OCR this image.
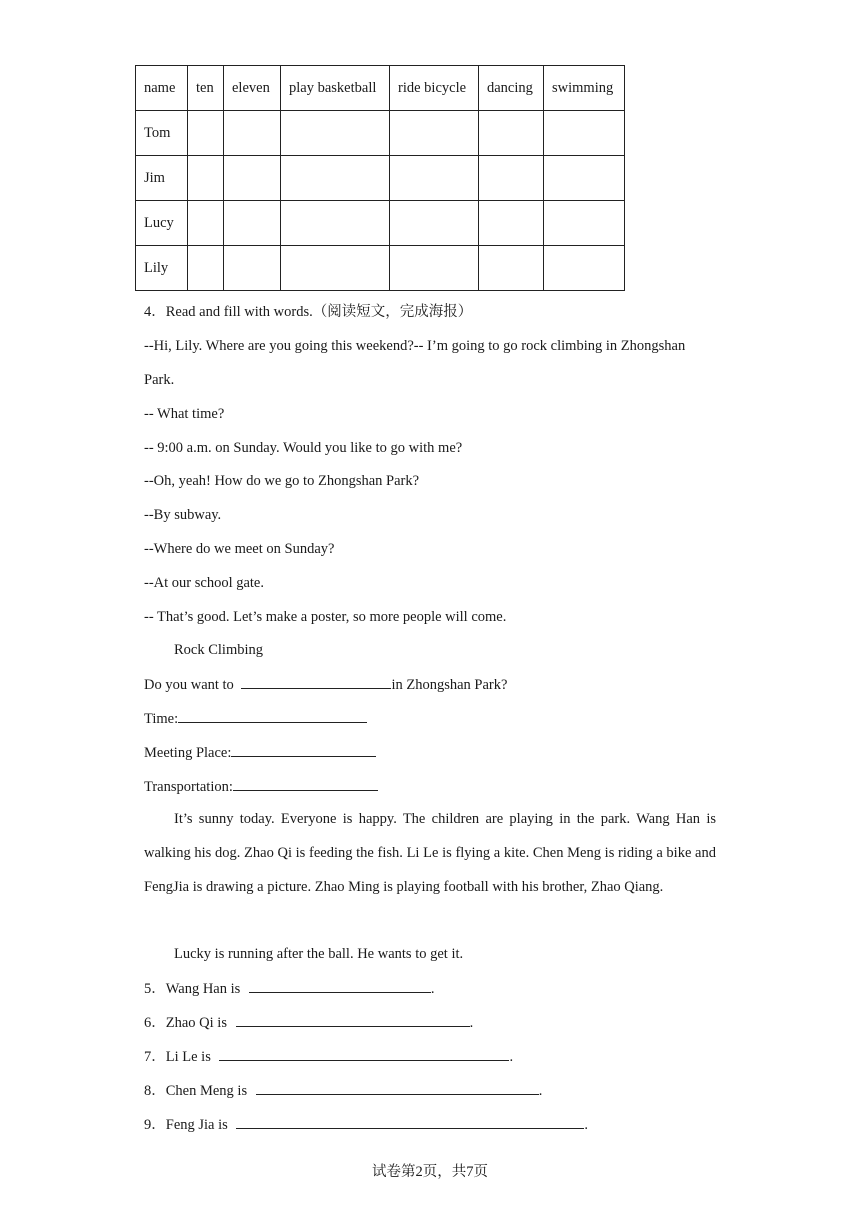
name	ten	eleven	play basketball	ride bicycle	dancing	swimming
Tom						
Jim						
Lucy						
Lily						
4．Read and fill with words.（阅读短文，完成海报）
--Hi, Lily. Where are you going this weekend?-- I’m going to go rock climbing in Zhongshan
Park.
-- What time?
-- 9:00 a.m. on Sunday. Would you like to go with me?
--Oh, yeah! How do we go to Zhongshan Park?
--By subway.
--Where do we meet on Sunday?
--At our school gate.
-- That’s good. Let’s make a poster, so more people will come.
Rock Climbing
Do you want to	in Zhongshan Park?
Time:
Meeting Place:
Transportation:
It’s sunny today. Everyone is happy. The children are playing in the park. Wang Han is walking his dog. Zhao Qi is feeding the fish. Li Le is flying a kite. Chen Meng is riding a bike and FengJia is drawing a picture. Zhao Ming is playing football with his brother, Zhao Qiang.
Lucky is running after the ball. He wants to get it.
5．Wang Han is	.
6．Zhao Qi is	.
7．Li Le is	.
8．Chen Meng is	.
9．Feng Jia is	.
试卷第2页，共7页
